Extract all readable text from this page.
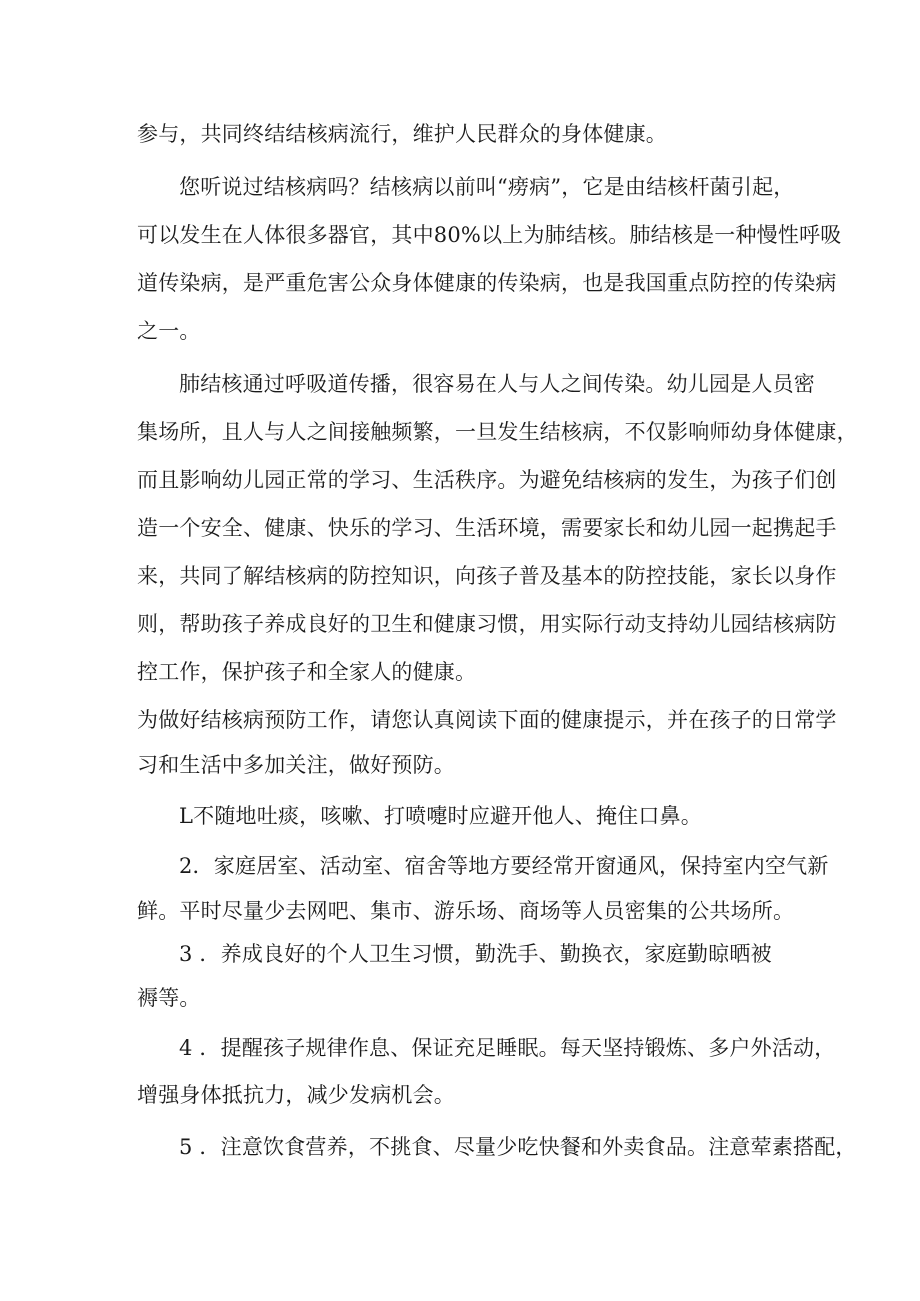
参与，共同终结结核病流行，维护人民群众的身体健康。
您听说过结核病吗？结核病以前叫“痨病”，它是由结核杆菌引起，
可以发生在人体很多器官，其中80%以上为肺结核。肺结核是一种慢性呼吸
道传染病，是严重危害公众身体健康的传染病，也是我国重点防控的传染病
之一。
肺结核通过呼吸道传播，很容易在人与人之间传染。幼儿园是人员密
集场所，且人与人之间接触频繁，一旦发生结核病，不仅影响师幼身体健康，
而且影响幼儿园正常的学习、生活秩序。为避免结核病的发生，为孩子们创
造一个安全、健康、快乐的学习、生活环境，需要家长和幼儿园一起携起手
来，共同了解结核病的防控知识，向孩子普及基本的防控技能，家长以身作
则，帮助孩子养成良好的卫生和健康习惯，用实际行动支持幼儿园结核病防
控工作，保护孩子和全家人的健康。
为做好结核病预防工作，请您认真阅读下面的健康提示，并在孩子的日常学
习和生活中多加关注，做好预防。
L不随地吐痰，咳嗽、打喷嚏时应避开他人、掩住口鼻。
2．家庭居室、活动室、宿舍等地方要经常开窗通风，保持室内空气新
鲜。平时尽量少去网吧、集市、游乐场、商场等人员密集的公共场所。
3 ．养成良好的个人卫生习惯，勤洗手、勤换衣，家庭勤晾晒被
褥等。
4 ．提醒孩子规律作息、保证充足睡眠。每天坚持锻炼、多户外活动，
增强身体抵抗力，减少发病机会。
5 ．注意饮食营养，不挑食、尽量少吃快餐和外卖食品。注意荤素搭配，
